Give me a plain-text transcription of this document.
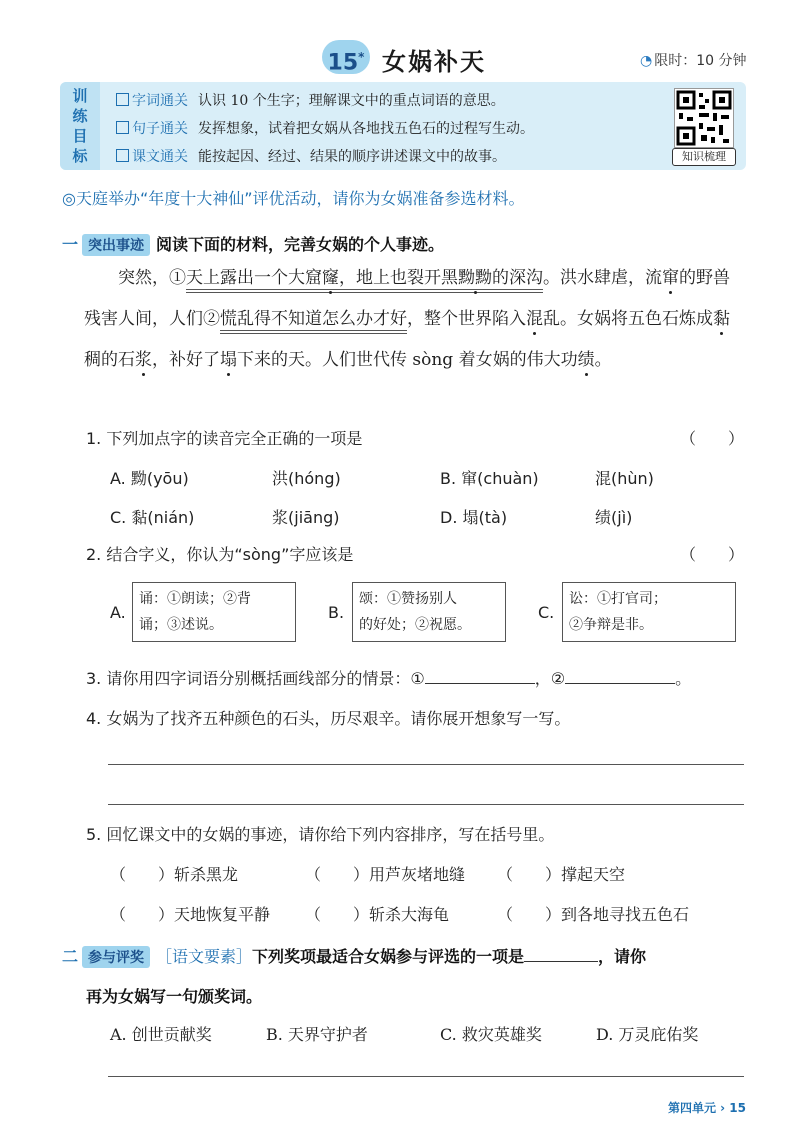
15* 女娲补天	◔ 限时：10 分钟
训
练
目
标
字词通关 认识 10 个生字；理解课文中的重点词语的意思。
句子通关 发挥想象，试着把女娲从各地找五色石的过程写生动。
课文通关 能按起因、经过、结果的顺序讲述课文中的故事。	知识梳理
◎天庭举办“年度十大神仙”评优活动，请你为女娲准备参选材料。
一 突出事迹 阅读下面的材料，完善女娲的个人事迹。

突然，①天上露出一个大窟窿，地上也裂开黑黝黝的深沟。洪水肆虐，流窜的野兽残害人间，人们②慌乱得不知道怎么办才好，整个世界陷入混乱。女娲将五色石炼成黏稠的石浆，补好了塌下来的天。人们世代传 sòng 着女娲的伟大功绩。

1. 下列加点字的读音完全正确的一项是	（　　）
A. 黝(yōu)	洪(hóng)	B. 窜(chuàn)	混(hùn)
C. 黏(nián)	浆(jiāng)	D. 塌(tà)	绩(jì)
2. 结合字义，你认为“sòng”字应该是	（　　）
A.
诵：①朗读；②背
诵；③述说。
B.
颂：①赞扬别人
的好处；②祝愿。
C.
讼：①打官司；
②争辩是非。
3. 请你用四字词语分别概括画线部分的情景：①	，②	。
4. 女娲为了找齐五种颜色的石头，历尽艰辛。请你展开想象写一写。
5. 回忆课文中的女娲的事迹，请你给下列内容排序，写在括号里。
（　　）斩杀黑龙	（　　）用芦灰堵地缝 （　　）撑起天空
（　　）天地恢复平静 （　　）斩杀大海龟	（　　）到各地寻找五色石
二 参与评奖 ［语文要素］下列奖项最适合女娲参与评选的一项是	，请你
再为女娲写一句颁奖词。
A. 创世贡献奖	B. 天界守护者	C. 救灾英雄奖	D. 万灵庇佑奖
第四单元 › 15
